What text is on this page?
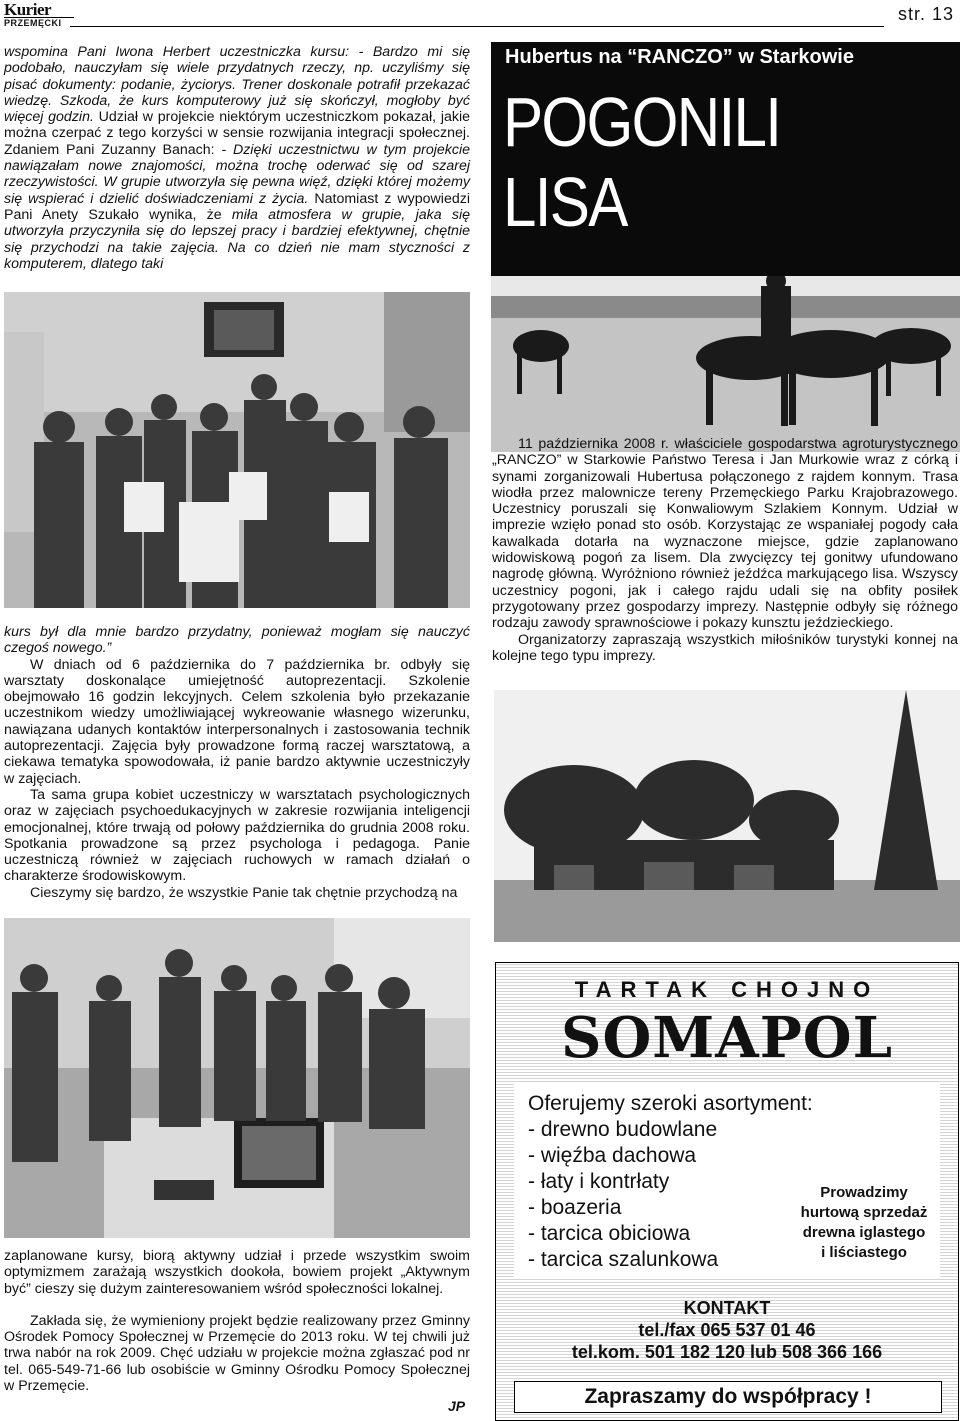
Kurier
PRZEMĘCKI	str. 13

wspomina Pani Iwona Herbert uczestniczka kursu: - Bardzo mi się podobało, nauczyłam się wiele przydatnych rzeczy, np. uczyliśmy się pisać dokumenty: podanie, życiorys. Trener doskonale potrafił przekazać wiedzę. Szkoda, że kurs komputerowy już się skończył, mogłoby być więcej godzin. Udział w projekcie niektórym uczestniczkom pokazał, jakie można czerpać z tego korzyści w sensie rozwijania integracji społecznej. Zdaniem Pani Zuzanny Banach: - Dzięki uczestnictwu w tym projekcie nawiązałam nowe znajomości, można trochę oderwać się od szarej rzeczywistości. W grupie utworzyła się pewna więź, dzięki której możemy się wspierać i dzielić doświadczeniami z życia. Natomiast z wypowiedzi Pani Anety Szukało wynika, że miła atmosfera w grupie, jaka się utworzyła przyczyniła się do lepszej pracy i bardziej efektywnej, chętnie się przychodzi na takie zajęcia. Na co dzień nie mam styczności z komputerem, dlatego taki

kurs był dla mnie bardzo przydatny, ponieważ mogłam się nauczyć czegoś nowego.”

W dniach od 6 października do 7 października br. odbyły się warsztaty doskonalące umiejętność autoprezentacji. Szkolenie obejmowało 16 godzin lekcyjnych. Celem szkolenia było przekazanie uczestnikom wiedzy umożliwiającej wykreowanie własnego wizerunku, nawiązana udanych kontaktów interpersonalnych i zastosowania technik autoprezentacji. Zajęcia były prowadzone formą raczej warsztatową, a ciekawa tematyka spowodowała, iż panie bardzo aktywnie uczestniczyły w zajęciach.

Ta sama grupa kobiet uczestniczy w warsztatach psychologicznych oraz w zajęciach psychoedukacyjnych w zakresie rozwijania inteligencji emocjonalnej, które trwają od połowy października do grudnia 2008 roku. Spotkania prowadzone są przez psychologa i pedagoga. Panie uczestniczą również w zajęciach ruchowych w ramach działań o charakterze środowiskowym.

Cieszymy się bardzo, że wszystkie Panie tak chętnie przychodzą na

zaplanowane kursy, biorą aktywny udział i przede wszystkim swoim optymizmem zarażają wszystkich dookoła, bowiem projekt „Aktywnym być” cieszy się dużym zainteresowaniem wśród społeczności lokalnej.

Zakłada się, że wymieniony projekt będzie realizowany przez Gminny Ośrodek Pomocy Społecznej w Przemęcie do 2013 roku. W tej chwili już trwa nabór na rok 2009. Chęć udziału w projekcie można zgłaszać pod nr tel. 065-549-71-66 lub osobiście w Gminny Ośrodku Pomocy Społecznej w Przemęcie.

JP
Hubertus na “RANCZO” w Starkowie
POGONILI LISA

11 października 2008 r. właściciele gospodarstwa agroturystycznego „RANCZO” w Starkowie Państwo Teresa i Jan Murkowie wraz z córką i synami zorganizowali Hubertusa połączonego z rajdem konnym. Trasa wiodła przez malownicze tereny Przemęckiego Parku Krajobrazowego. Uczestnicy poruszali się Konwaliowym Szlakiem Konnym. Udział w imprezie wzięło ponad sto osób. Korzystając ze wspaniałej pogody cała kawalkada dotarła na wyznaczone miejsce, gdzie zaplanowano widowiskową pogoń za lisem. Dla zwycięzcy tej gonitwy ufundowano nagrodę główną. Wyróżniono również jeźdźca markującego lisa. Wszyscy uczestnicy pogoni, jak i całego rajdu udali się na obfity posiłek przygotowany przez gospodarzy imprezy. Następnie odbyły się różnego rodzaju zawody sprawnościowe i pokazy kunsztu jeździeckiego.

Organizatorzy zapraszają wszystkich miłośników turystyki konnej na kolejne tego typu imprezy.

TARTAK CHOJNO
SOMAPOL
Oferujemy szeroki asortyment:
- drewno budowlane
- więźba dachowa
- łaty i kontrłaty
- boazeria
- tarcica obiciowa
- tarcica szalunkowa
Prowadzimy
hurtową sprzedaż
drewna iglastego
i liściastego
KONTAKT
tel./fax 065 537 01 46
tel.kom. 501 182 120 lub 508 366 166
Zapraszamy do współpracy !
